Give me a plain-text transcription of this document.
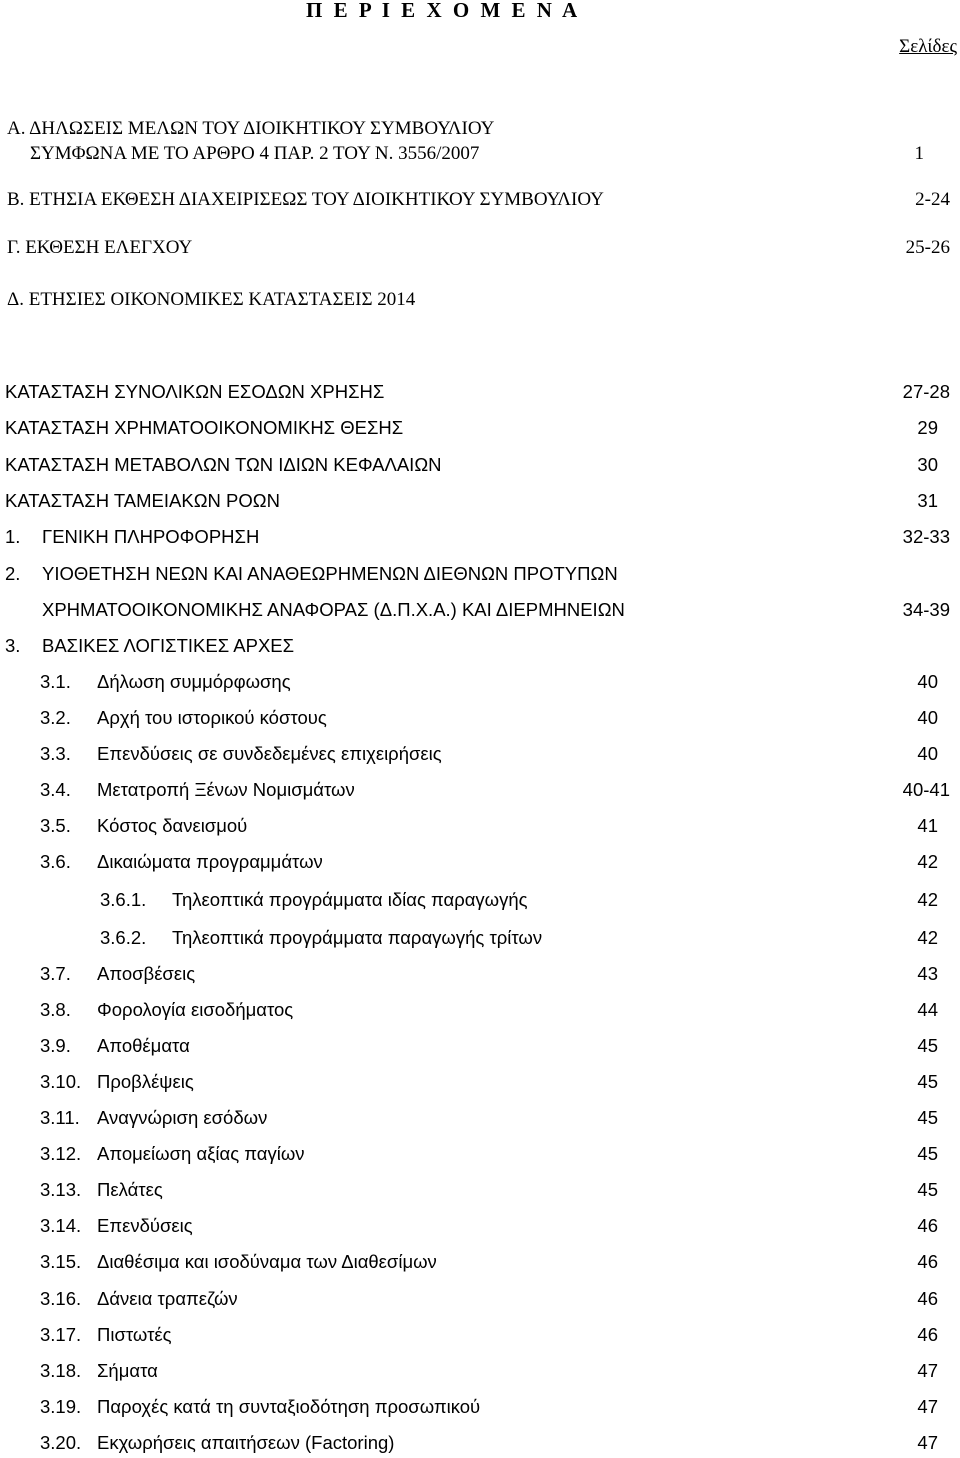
Π Ε Ρ Ι Ε Χ Ο Μ Ε Ν Α
Σελίδες
Α. ΔΗΛΩΣΕΙΣ ΜΕΛΩΝ ΤΟΥ ΔΙΟΙΚΗΤΙΚΟΥ ΣΥΜΒΟΥΛΙΟΥ
ΣΥΜΦΩΝΑ ΜΕ ΤΟ ΑΡΘΡΟ 4 ΠΑΡ. 2 ΤΟΥ Ν. 3556/2007	1
Β. ΕΤΗΣΙΑ ΕΚΘΕΣΗ ΔΙΑΧΕΙΡΙΣΕΩΣ ΤΟΥ ΔΙΟΙΚΗΤΙΚΟΥ ΣΥΜΒΟΥΛΙΟΥ	2-24
Γ. ΕΚΘΕΣΗ ΕΛΕΓΧΟΥ	25-26
Δ. ΕΤΗΣΙΕΣ ΟΙΚΟΝΟΜΙΚΕΣ ΚΑΤΑΣΤΑΣΕΙΣ 2014
ΚΑΤΑΣΤΑΣΗ ΣΥΝΟΛΙΚΩΝ ΕΣΟΔΩΝ ΧΡΗΣΗΣ	27-28
ΚΑΤΑΣΤΑΣΗ ΧΡΗΜΑΤΟΟΙΚΟΝΟΜΙΚΗΣ ΘΕΣΗΣ	29
ΚΑΤΑΣΤΑΣΗ ΜΕΤΑΒΟΛΩΝ ΤΩΝ ΙΔΙΩΝ ΚΕΦΑΛΑΙΩΝ	30
ΚΑΤΑΣΤΑΣΗ ΤΑΜΕΙΑΚΩΝ ΡΟΩΝ	31
1. ΓΕΝΙΚΗ ΠΛΗΡΟΦΟΡΗΣΗ	32-33
2. ΥΙΟΘΕΤΗΣΗ ΝΕΩΝ ΚΑΙ ΑΝΑΘΕΩΡΗΜΕΝΩΝ ΔΙΕΘΝΩΝ ΠΡΟΤΥΠΩΝ
ΧΡΗΜΑΤΟΟΙΚΟΝΟΜΙΚΗΣ ΑΝΑΦΟΡΑΣ (Δ.Π.Χ.Α.) ΚΑΙ ΔΙΕΡΜΗΝΕΙΩΝ	34-39
3. ΒΑΣΙΚΕΣ ΛΟΓΙΣΤΙΚΕΣ ΑΡΧΕΣ
3.1. Δήλωση συμμόρφωσης	40
3.2. Αρχή του ιστορικού κόστους	40
3.3. Επενδύσεις σε συνδεδεμένες επιχειρήσεις	40
3.4. Μετατροπή Ξένων Νομισμάτων	40-41
3.5. Κόστος δανεισμού	41
3.6. Δικαιώματα προγραμμάτων	42
3.6.1. Τηλεοπτικά προγράμματα ιδίας παραγωγής	42
3.6.2. Τηλεοπτικά προγράμματα παραγωγής τρίτων	42
3.7. Αποσβέσεις	43
3.8. Φορολογία εισοδήματος	44
3.9. Αποθέματα	45
3.10. Προβλέψεις	45
3.11. Αναγνώριση εσόδων	45
3.12. Απομείωση αξίας παγίων	45
3.13. Πελάτες	45
3.14. Επενδύσεις	46
3.15. Διαθέσιμα και ισοδύναμα των Διαθεσίμων	46
3.16. Δάνεια τραπεζών	46
3.17. Πιστωτές	46
3.18. Σήματα	47
3.19. Παροχές κατά τη συνταξιοδότηση προσωπικού	47
3.20. Εκχωρήσεις απαιτήσεων (Factoring)	47
